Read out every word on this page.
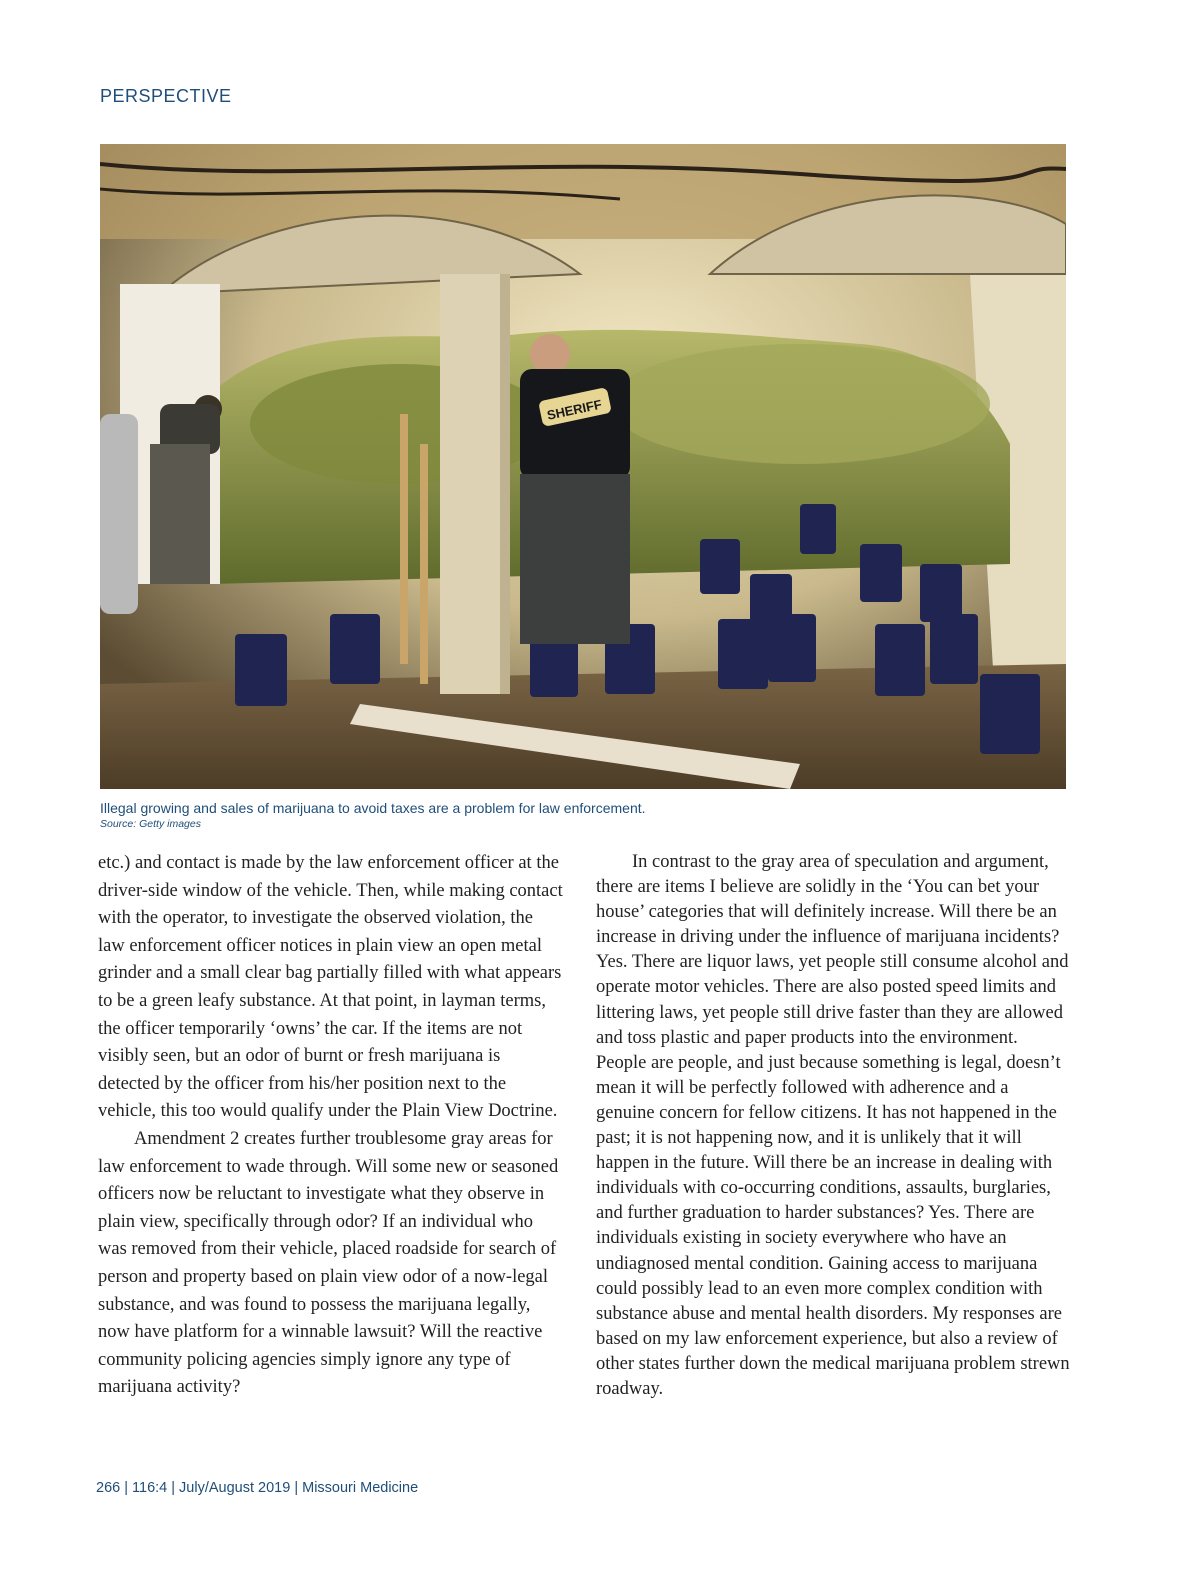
PERSPECTIVE
SHERIFF
Illegal growing and sales of marijuana to avoid taxes are a problem for law enforcement.
Source: Getty images

etc.) and contact is made by the law enforcement officer at the driver-side window of the vehicle. Then, while making contact with the operator, to investigate the observed violation, the law enforcement officer notices in plain view an open metal grinder and a small clear bag partially filled with what appears to be a green leafy substance. At that point, in layman terms, the officer temporarily ‘owns’ the car. If the items are not visibly seen, but an odor of burnt or fresh marijuana is detected by the officer from his/her position next to the vehicle, this too would qualify under the Plain View Doctrine.

Amendment 2 creates further troublesome gray areas for law enforcement to wade through. Will some new or seasoned officers now be reluctant to investigate what they observe in plain view, specifically through odor? If an individual who was removed from their vehicle, placed roadside for search of person and property based on plain view odor of a now-legal substance, and was found to possess the marijuana legally, now have platform for a winnable lawsuit? Will the reactive community policing agencies simply ignore any type of marijuana activity?

In contrast to the gray area of speculation and argument, there are items I believe are solidly in the ‘You can bet your house’ categories that will definitely increase. Will there be an increase in driving under the influence of marijuana incidents? Yes. There are liquor laws, yet people still consume alcohol and operate motor vehicles. There are also posted speed limits and littering laws, yet people still drive faster than they are allowed and toss plastic and paper products into the environment. People are people, and just because something is legal, doesn’t mean it will be perfectly followed with adherence and a genuine concern for fellow citizens. It has not happened in the past; it is not happening now, and it is unlikely that it will happen in the future. Will there be an increase in dealing with individuals with co-occurring conditions, assaults, burglaries, and further graduation to harder substances? Yes. There are individuals existing in society everywhere who have an undiagnosed mental condition. Gaining access to marijuana could possibly lead to an even more complex condition with substance abuse and mental health disorders. My responses are based on my law enforcement experience, but also a review of other states further down the medical marijuana problem strewn roadway.

266 | 116:4 | July/August 2019 | Missouri Medicine
